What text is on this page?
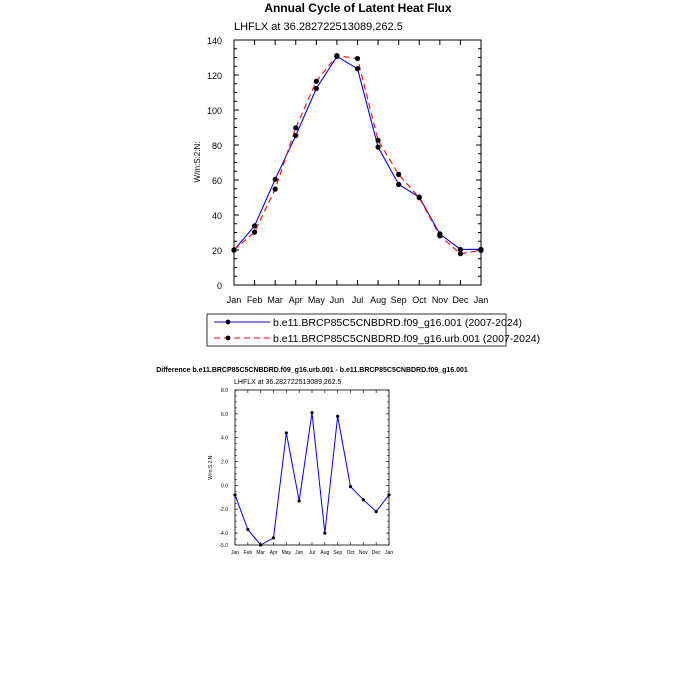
Annual Cycle of Latent Heat Flux
LHFLX at 36.282722513089,262.5
Jan Feb Mar Apr May Jun Jul Aug Sep Oct Nov Dec Jan
0
20
40
60
80
100
120
140
W/m:S:2:N:
b.e11.BRCP85C5CNBDRD.f09_g16.001 (2007-2024)
b.e11.BRCP85C5CNBDRD.f09_g16.urb.001 (2007-2024)
Difference b.e11.BRCP85C5CNBDRD.f09_g16.urb.001 - b.e11.BRCP85C5CNBDRD.f09_g16.001
LHFLX at 36.282722513089,262.5
Jan Feb Mar Apr May Jun Jul Aug Sep Oct Nov Dec Jan
-4.0
-2.0
0.0
2.0
4.0
6.0
8.0
-5.0
W/m:S:2:N:
